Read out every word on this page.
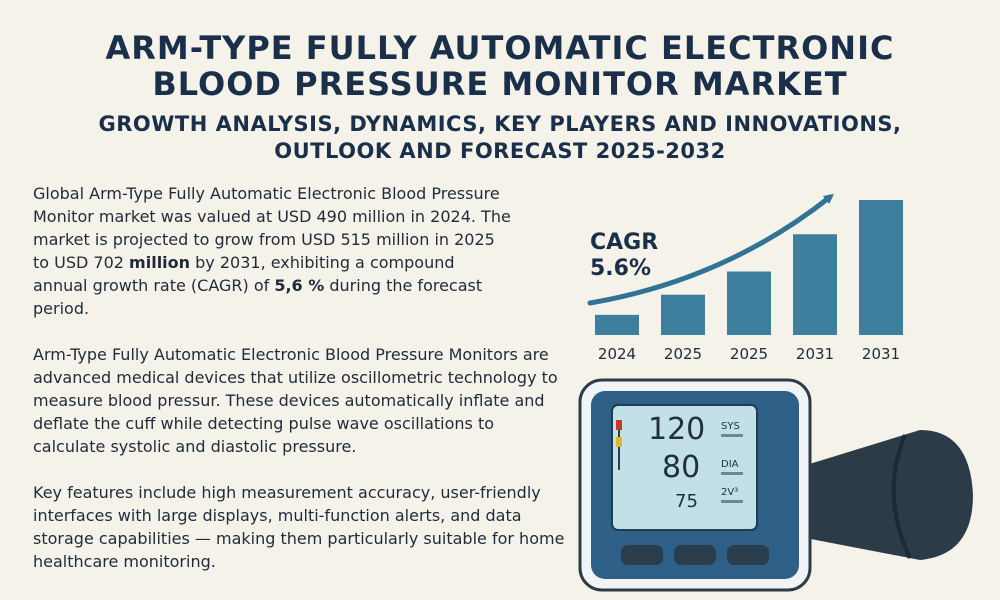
ARM-TYPE FULLY AUTOMATIC ELECTRONIC
BLOOD PRESSURE MONITOR MARKET
GROWTH ANALYSIS, DYNAMICS, KEY PLAYERS AND INNOVATIONS,
OUTLOOK AND FORECAST 2025-2032

Global Arm-Type Fully Automatic Electronic Blood Pressure Monitor market was valued at USD 490 million in 2024. The market is projected to grow from USD 515 million in 2025 to USD 702 million by 2031, exhibiting a compound annual growth rate (CAGR) of 5,6 % during the forecast period.

Arm-Type Fully Automatic Electronic Blood Pressure Monitors are advanced medical devices that utilize oscillometric technology to measure blood pressur. These devices automatically inflate and deflate the cuff while detecting pulse wave oscillations to calculate systolic and diastolic pressure.

Key features include high measurement accuracy, user-friendly interfaces with large displays, multi-function alerts, and data storage capabilities — making them particularly suitable for home healthcare monitoring.

2024 2025 2025 2031 2031
CAGR
5.6%
120
80
75
SYS
DIA
2V³
